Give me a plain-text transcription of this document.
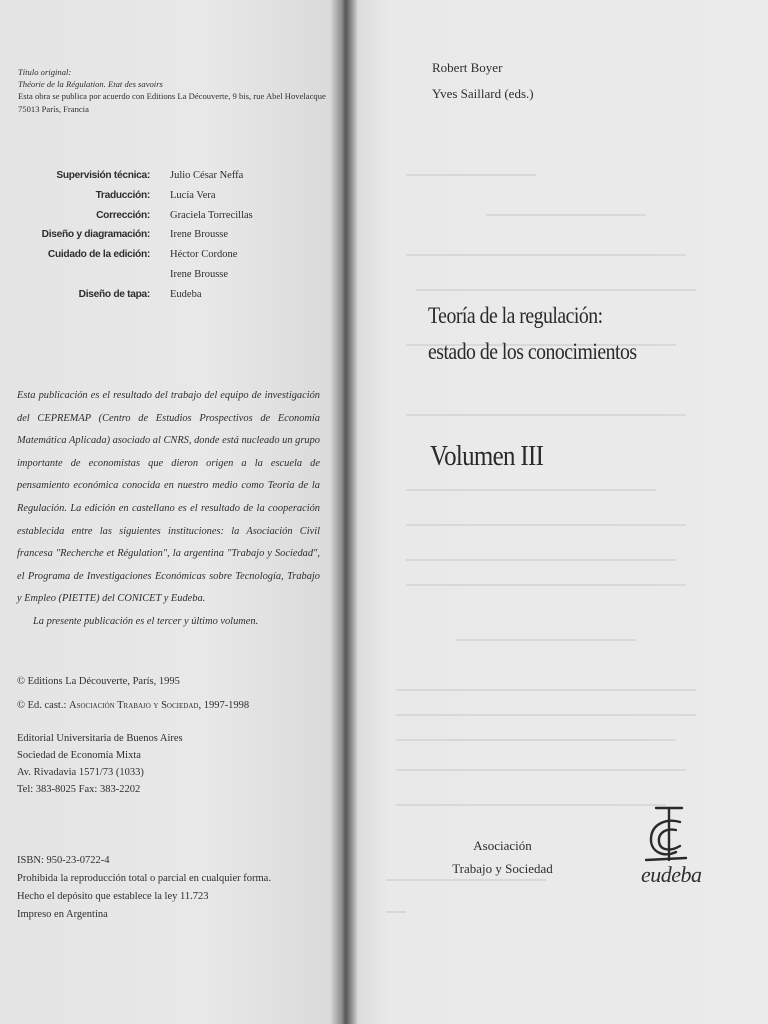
Título original:
Théorie de la Régulation. Etat des savoirs
Esta obra se publica por acuerdo con Editions La Découverte, 9 bis, rue Abel Hovelacque
75013 París, Francia
Supervisión técnica: Julio César Neffa
Traducción: Lucía Vera
Corrección: Graciela Torrecillas
Diseño y diagramación: Irene Brousse
Cuidado de la edición: Héctor Cordone
Irene Brousse
Diseño de tapa: Eudeba

Esta publicación es el resultado del trabajo del equipo de investigación del CEPREMAP (Centro de Estudios Prospectivos de Economía Matemática Aplicada) asociado al CNRS, donde está nucleado un grupo importante de economistas que dieron origen a la escuela de pensamiento económica conocida en nuestro medio como Teoría de la Regulación. La edición en castellano es el resultado de la cooperación establecida entre las siguientes instituciones: la Asociación Civil francesa "Recherche et Régulation", la argentina "Trabajo y Sociedad", el Programa de Investigaciones Económicas sobre Tecnología, Trabajo y Empleo (PIETTE) del CONICET y Eudeba.

La presente publicación es el tercer y último volumen.

© Editions La Découverte, París, 1995
© Ed. cast.: Asociación Trabajo y Sociedad, 1997-1998
Editorial Universitaria de Buenos Aires
Sociedad de Economía Mixta
Av. Rivadavia 1571/73 (1033)
Tel: 383-8025 Fax: 383-2202
ISBN: 950-23-0722-4
Prohibida la reproducción total o parcial en cualquier forma.
Hecho el depósito que establece la ley 11.723
Impreso en Argentina
Robert Boyer
Yves Saillard (eds.)
Teoría de la regulación:
estado de los conocimientos
Volumen III
Asociación
Trabajo y Sociedad	eudeba
